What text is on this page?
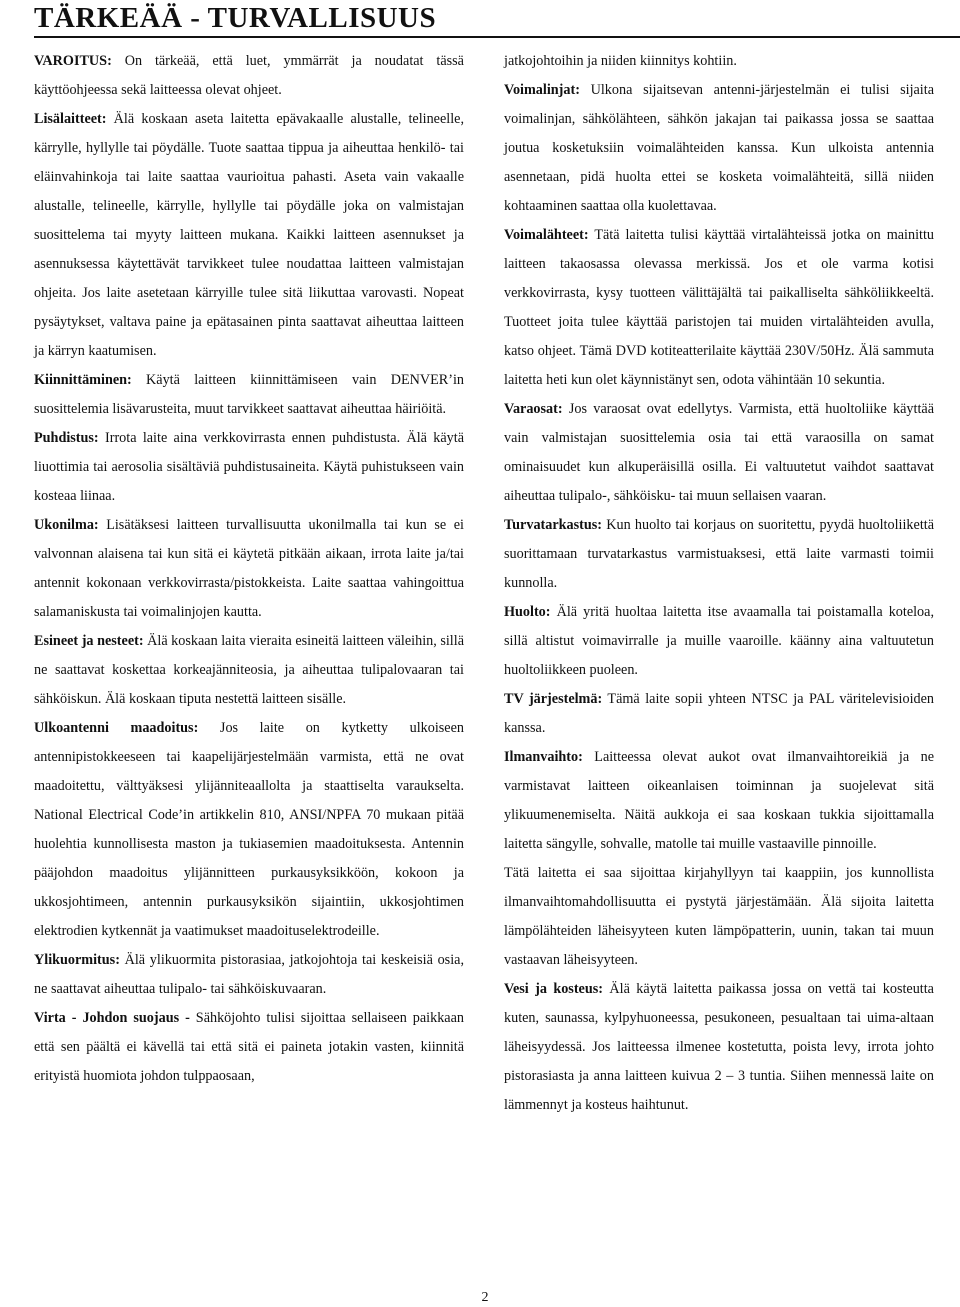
TÄRKEÄÄ - TURVALLISUUS

VAROITUS: On tärkeää, että luet, ymmärrät ja noudatat tässä käyttöohjeessa sekä laitteessa olevat ohjeet.

Lisälaitteet: Älä koskaan aseta laitetta epävakaalle alustalle, telineelle, kärrylle, hyllylle tai pöydälle. Tuote saattaa tippua ja aiheuttaa henkilö- tai eläinvahinkoja tai laite saattaa vaurioitua pahasti. Aseta vain vakaalle alustalle, telineelle, kärrylle, hyllylle tai pöydälle joka on valmistajan suosittelema tai myyty laitteen mukana. Kaikki laitteen asennukset ja asennuksessa käytettävät tarvikkeet tulee noudattaa laitteen valmistajan ohjeita. Jos laite asetetaan kärryille tulee sitä liikuttaa varovasti. Nopeat pysäytykset, valtava paine ja epätasainen pinta saattavat aiheuttaa laitteen ja kärryn kaatumisen.

Kiinnittäminen: Käytä laitteen kiinnittämiseen vain DENVER’in suosittelemia lisävarusteita, muut tarvikkeet saattavat aiheuttaa häiriöitä.

Puhdistus: Irrota laite aina verkkovirrasta ennen puhdistusta. Älä käytä liuottimia tai aerosolia sisältäviä puhdistusaineita. Käytä puhistukseen vain kosteaa liinaa.

Ukonilma: Lisätäksesi laitteen turvallisuutta ukonilmalla tai kun se ei valvonnan alaisena tai kun sitä ei käytetä pitkään aikaan, irrota laite ja/tai antennit kokonaan verkkovirrasta/pistokkeista. Laite saattaa vahingoittua salamaniskusta tai voimalinjojen kautta.

Esineet ja nesteet: Älä koskaan laita vieraita esineitä laitteen väleihin, sillä ne saattavat koskettaa korkeajänniteosia, ja aiheuttaa tulipalovaaran tai sähköiskun. Älä koskaan tiputa nestettä laitteen sisälle.

Ulkoantenni maadoitus: Jos laite on kytketty ulkoiseen antennipistokkeeseen tai kaapelijärjestelmään varmista, että ne ovat maadoitettu, välttyäksesi ylijänniteaallolta ja staattiselta varaukselta. National Electrical Code’in artikkelin 810, ANSI/NPFA 70 mukaan pitää huolehtia kunnollisesta maston ja tukiasemien maadoituksesta. Antennin pääjohdon maadoitus ylijännitteen purkausyksikköön, kokoon ja ukkosjohtimeen, antennin purkausyksikön sijaintiin, ukkosjohtimen elektrodien kytkennät ja vaatimukset maadoituselektrodeille.

Ylikuormitus: Älä ylikuormita pistorasiaa, jatkojohtoja tai keskeisiä osia, ne saattavat aiheuttaa tulipalo- tai sähköiskuvaaran.

Virta - Johdon suojaus - Sähköjohto tulisi sijoittaa sellaiseen paikkaan että sen päältä ei kävellä tai että sitä ei paineta jotakin vasten, kiinnitä erityistä huomiota johdon tulppaosaan,

jatkojohtoihin ja niiden kiinnitys kohtiin.

Voimalinjat: Ulkona sijaitsevan antenni-järjestelmän ei tulisi sijaita voimalinjan, sähkölähteen, sähkön jakajan tai paikassa jossa se saattaa joutua kosketuksiin voimalähteiden kanssa. Kun ulkoista antennia asennetaan, pidä huolta ettei se kosketa voimalähteitä, sillä niiden kohtaaminen saattaa olla kuolettavaa.

Voimalähteet: Tätä laitetta tulisi käyttää virtalähteissä jotka on mainittu laitteen takaosassa olevassa merkissä. Jos et ole varma kotisi verkkovirrasta, kysy tuotteen välittäjältä tai paikalliselta sähköliikkeeltä. Tuotteet joita tulee käyttää paristojen tai muiden virtalähteiden avulla, katso ohjeet. Tämä DVD kotiteatterilaite käyttää 230V/50Hz. Älä sammuta laitetta heti kun olet käynnistänyt sen, odota vähintään 10 sekuntia.

Varaosat: Jos varaosat ovat edellytys. Varmista, että huoltoliike käyttää vain valmistajan suosittelemia osia tai että varaosilla on samat ominaisuudet kun alkuperäisillä osilla. Ei valtuutetut vaihdot saattavat aiheuttaa tulipalo-, sähköisku- tai muun sellaisen vaaran.

Turvatarkastus: Kun huolto tai korjaus on suoritettu, pyydä huoltoliikettä suorittamaan turvatarkastus varmistuaksesi, että laite varmasti toimii kunnolla.

Huolto: Älä yritä huoltaa laitetta itse avaamalla tai poistamalla koteloa, sillä altistut voimavirralle ja muille vaaroille. käänny aina valtuutetun huoltoliikkeen puoleen.

TV järjestelmä: Tämä laite sopii yhteen NTSC ja PAL väritelevisioiden kanssa.

Ilmanvaihto: Laitteessa olevat aukot ovat ilmanvaihtoreikiä ja ne varmistavat laitteen oikeanlaisen toiminnan ja suojelevat sitä ylikuumenemiselta. Näitä aukkoja ei saa koskaan tukkia sijoittamalla laitetta sängylle, sohvalle, matolle tai muille vastaaville pinnoille.

Tätä laitetta ei saa sijoittaa kirjahyllyyn tai kaappiin, jos kunnollista ilmanvaihtomahdollisuutta ei pystytä järjestämään. Älä sijoita laitetta lämpölähteiden läheisyyteen kuten lämpöpatterin, uunin, takan tai muun vastaavan läheisyyteen.

Vesi ja kosteus: Älä käytä laitetta paikassa jossa on vettä tai kosteutta kuten, saunassa, kylpyhuoneessa, pesukoneen, pesualtaan tai uima-altaan läheisyydessä. Jos laitteessa ilmenee kostetutta, poista levy, irrota johto pistorasiasta ja anna laitteen kuivua 2 – 3 tuntia. Siihen mennessä laite on lämmennyt ja kosteus haihtunut.

2
